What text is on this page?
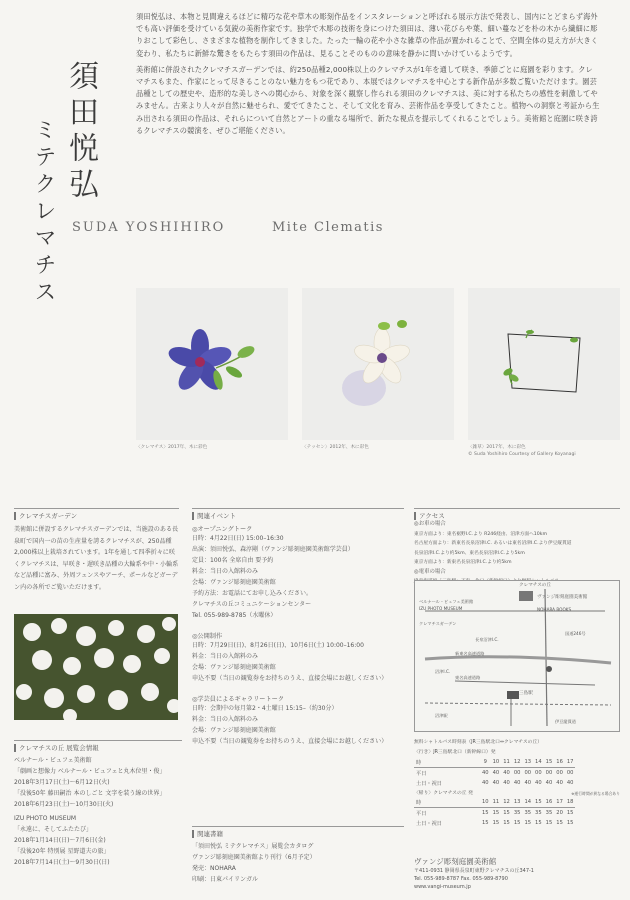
須田悦弘
ミテクレマチス

須田悦弘は、本物と見間違えるほどに精巧な花や草木の彫刻作品をインスタレーションと呼ばれる展示方法で発表し、国内にとどまらず海外でも高い評価を受けている気鋭の美術作家です。独学で木彫の技術を身につけた須田は、薄い花びらや葉、細い蔓などを朴の木から繊細に彫りおこして彩色し、さまざまな植物を制作してきました。たった一輪の花や小さな雑草の作品が置かれることで、空間全体の見え方が大きく変わり、私たちに新鮮な驚きをもたらす須田の作品は、見ることそのものの意味を静かに問いかけているようです。

美術館に併設されたクレマチスガーデンでは、約250品種2,000株以上のクレマチスが1年を通して咲き、季節ごとに庭園を彩ります。クレマチスもまた、作家にとって尽きることのない魅力をもつ花であり、本展ではクレマチスを中心とする新作品が多数ご覧いただけます。園芸品種としての歴史や、造形的な美しさへの関心から、対象を深く観察し作られる須田のクレマチスは、美に対する私たちの感性を刺激してやみません。古来より人々が自然に魅せられ、愛でてきたこと、そして文化を育み、芸術作品を享受してきたこと。植物への洞察と考証から生み出される須田の作品は、それらについて自然とアートの重なる場所で、新たな視点を提示してくれることでしょう。美術館と庭園に咲き誇るクレマチスの競演を、ぜひご堪能ください。

SUDA YOSHIHIRO	Mite Clematis
〈クレマチス〉2017年、木に彩色	〈テッセン〉2012年、木に彩色	〈雑草〉2017年、木に彩色
© Suda Yoshihiro Courtesy of Gallery Koyanagi
クレマチスガーデン
美術館に併設するクレマチスガーデンでは、当施設のある長泉町で国内一の苗の生産量を誇るクレマチスが、250品種2,000株以上栽培されています。1年を通して四季折々に咲くクレマチスは、早咲き・遅咲き品種の大輪系や中・小輪系など品種に富み、外周フェンスやアーチ、ポールなどガーデン内の各所でご覧いただけます。
クレマチスの丘 展覧会情報
ベルナール・ビュフェ美術館
「劇画と想像力 ベルナール・ビュフェと丸木位里・俊」
2018年3月17日(土)〜6月12日(火)
「没後50年 藤田嗣治 本のしごと 文字を装う線の世界」
2018年6月23日(土)〜10月30日(火)
IZU PHOTO MUSEUM
「永遠に、そしてふたたび」
2018年1月14日(日)〜7月6日(金)
「没後20年 特別展 星野道夫の旅」
2018年7月14日(土)〜9月30日(日)
関連イベント
◎オープニングトーク
日時：4月22日(日) 15:00–16:30
出演：須田悦弘、森淳剛（ヴァンジ彫刻庭園美術館学芸員）
定員：100名 全席自由 要予約
料金：当日の入館料のみ
会場：ヴァンジ彫刻庭園美術館
予約方法：お電話にてお申し込みください。
クレマチスの丘コミュニケーションセンター
Tel. 055-989-8785（水曜休）
◎公開制作
日時：7月29日(日)、8月26日(日)、10月6日(土) 10:00–16:00
料金：当日の入館料のみ
会場：ヴァンジ彫刻庭園美術館
申込不要（当日の観覧券をお持ちのうえ、直接会場にお越しください）
◎学芸員によるギャラリートーク
日時：会期中の毎月第2・4土曜日 15:15–（約30分）
料金：当日の入館料のみ
会場：ヴァンジ彫刻庭園美術館
申込不要（当日の観覧券をお持ちのうえ、直接会場にお越しください）
関連書籍
「須田悦弘 ミテクレマチス」展覧会カタログ
ヴァンジ彫刻庭園美術館より刊行（6月予定）
発売：NOHARA
印刷：日東パイリンガル
アクセス
◎お車の場合
東京方面より：東名裾野I.C.より R246経由、沼津方面へ10km
名古屋方面より：新東名長泉沼津I.C. あるいは東名沼津I.C.より伊豆縦貫道
長泉沼津I.C.より約5km、東名長泉沼津I.C.より5km
東京方面より：新東名長泉沼津I.C.より約5km
◎電車の場合
クレマチスの丘
ベルナール・ビュフェ美術館
IZU PHOTO MUSEUM
クレマチスガーデン
ヴァンジ彫刻庭園美術館
NOHARA BOOKS
長泉沼津I.C.
沼津I.C.
三島駅
沼津駅
国道246号
東名高速道路
新東名高速道路
伊豆縦貫道
無料シャトルバス時刻表（JR三島駅北口⇔クレマチスの丘）
〈行き〉JR三島駅北口（新幹線口）発
時	9	10	11	12	13	14	15	16	17
平日	40	40	40	00	00	00	00	00	00
土日・祝日	40	40	40	40	40	40	40	40	40
〈帰り〉クレマチスの丘 発	※運行時間が異なる場合あり
時	10	11	12	13	14	15	16	17	18
平日	15	15	15	35	35	35	35	20	15
土日・祝日	15	15	15	15	15	15	15	15	15
ヴァンジ彫刻庭園美術館
〒411-0931 静岡県長泉町東野クレマチスの丘347-1
Tel. 055-989-8787 Fax. 055-989-8790
www.vangi-museum.jp
